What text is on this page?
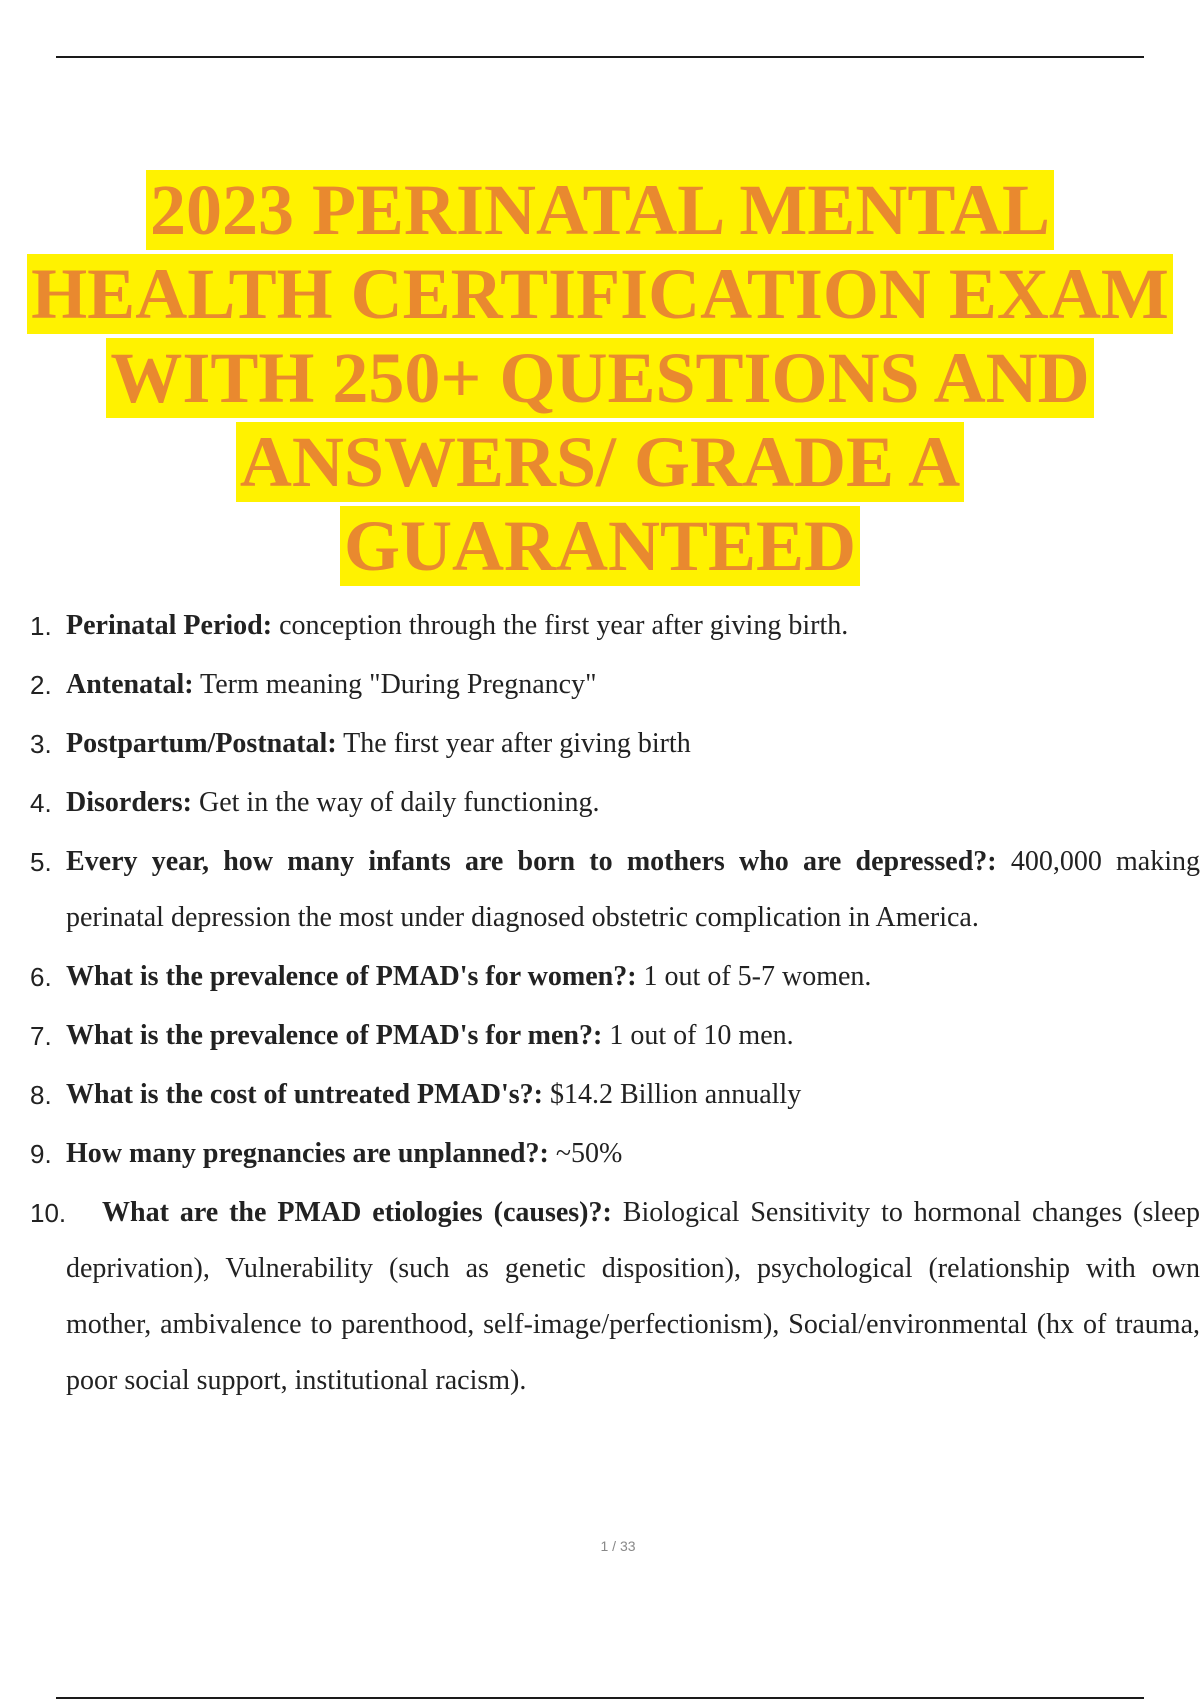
2023 PERINATAL MENTAL
HEALTH CERTIFICATION EXAM
WITH 250+ QUESTIONS AND
ANSWERS/ GRADE A
GUARANTEED
1. Perinatal Period: conception through the first year after giving birth.
2. Antenatal: Term meaning "During Pregnancy"
3. Postpartum/Postnatal: The first year after giving birth
4. Disorders: Get in the way of daily functioning.
5. Every year, how many infants are born to mothers who are depressed?: 400,000 making perinatal depression the most under diagnosed obstetric complication in America.
6. What is the prevalence of PMAD's for women?: 1 out of 5-7 women.
7. What is the prevalence of PMAD's for men?: 1 out of 10 men.
8. What is the cost of untreated PMAD's?: $14.2 Billion annually
9. How many pregnancies are unplanned?: ~50%
10.	What are the PMAD etiologies (causes)?: Biological Sensitivity to hormonal changes (sleep deprivation), Vulnerability (such as genetic disposition), psychological (relationship with own mother, ambivalence to parenthood, self-image/perfectionism), Social/environmental (hx of trauma, poor social support, institutional racism).
1 / 33
